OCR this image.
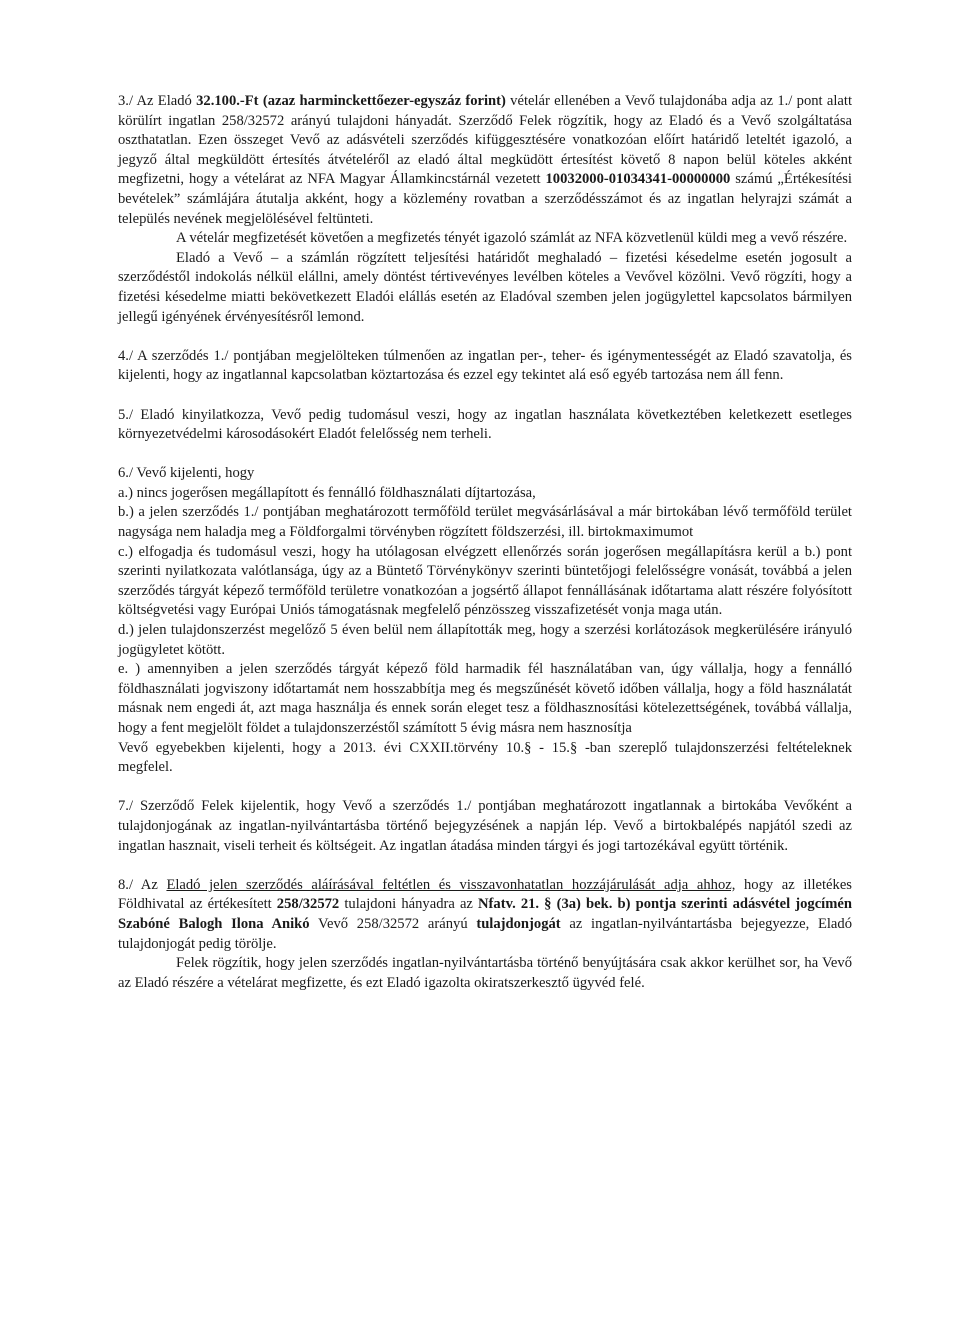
3./ Az Eladó 32.100.-Ft (azaz harminckettőezer-egyszáz forint) vételár ellenében a Vevő tulajdonába adja az 1./ pont alatt körülírt ingatlan 258/32572 arányú tulajdoni hányadát. Szerződő Felek rögzítik, hogy az Eladó és a Vevő szolgáltatása oszthatatlan. Ezen összeget Vevő az adásvételi szerződés kifüggesztésére vonatkozóan előírt határidő leteltét igazoló, a jegyző által megküldött értesítés átvételéről az eladó által megküdött értesítést követő 8 napon belül köteles akként megfizetni, hogy a vételárat az NFA Magyar Államkincstárnál vezetett 10032000-01034341-00000000 számú „Értékesítési bevételek” számlájára átutalja akként, hogy a közlemény rovatban a szerződésszámot és az ingatlan helyrajzi számát a település nevének megjelölésével feltünteti.

A vételár megfizetését követően a megfizetés tényét igazoló számlát az NFA közvetlenül küldi meg a vevő részére.

Eladó a Vevő – a számlán rögzített teljesítési határidőt meghaladó – fizetési késedelme esetén jogosult a szerződéstől indokolás nélkül elállni, amely döntést tértivevényes levélben köteles a Vevővel közölni. Vevő rögzíti, hogy a fizetési késedelme miatti bekövetkezett Eladói elállás esetén az Eladóval szemben jelen jogügylettel kapcsolatos bármilyen jellegű igényének érvényesítésről lemond.

4./ A szerződés 1./ pontjában megjelölteken túlmenően az ingatlan per-, teher- és igénymentességét az Eladó szavatolja, és kijelenti, hogy az ingatlannal kapcsolatban köztartozása és ezzel egy tekintet alá eső egyéb tartozása nem áll fenn.

5./ Eladó kinyilatkozza, Vevő pedig tudomásul veszi, hogy az ingatlan használata következtében keletkezett esetleges környezetvédelmi károsodásokért Eladót felelősség nem terheli.

6./ Vevő kijelenti, hogy

a.) nincs jogerősen megállapított és fennálló földhasználati díjtartozása,

b.) a jelen szerződés 1./ pontjában meghatározott termőföld terület megvásárlásával a már birtokában lévő termőföld terület nagysága nem haladja meg a Földforgalmi törvényben rögzített földszerzési, ill. birtokmaximumot

c.) elfogadja és tudomásul veszi, hogy ha utólagosan elvégzett ellenőrzés során jogerősen megállapításra kerül a b.) pont szerinti nyilatkozata valótlansága, úgy az a Büntető Törvénykönyv szerinti büntetőjogi felelősségre vonását, továbbá a jelen szerződés tárgyát képező termőföld területre vonatkozóan a jogsértő állapot fennállásának időtartama alatt részére folyósított költségvetési vagy Európai Uniós támogatásnak megfelelő pénzösszeg visszafizetését vonja maga után.

d.) jelen tulajdonszerzést megelőző 5 éven belül nem állapították meg, hogy a szerzési korlátozások megkerülésére irányuló jogügyletet kötött.

e. ) amennyiben a jelen szerződés tárgyát képező föld harmadik fél használatában van, úgy vállalja, hogy a fennálló földhasználati jogviszony időtartamát nem hosszabbítja meg és megszűnését követő időben vállalja, hogy a föld használatát másnak nem engedi át, azt maga használja és ennek során eleget tesz a földhasznosítási kötelezettségének, továbbá vállalja, hogy a fent megjelölt földet a tulajdonszerzéstől számított 5 évig másra nem hasznosítja

Vevő egyebekben kijelenti, hogy a 2013. évi CXXII.törvény 10.§ - 15.§ -ban szereplő tulajdonszerzési feltételeknek megfelel.

7./ Szerződő Felek kijelentik, hogy Vevő a szerződés 1./ pontjában meghatározott ingatlannak a birtokába Vevőként a tulajdonjogának az ingatlan-nyilvántartásba történő bejegyzésének a napján lép. Vevő a birtokbalépés napjától szedi az ingatlan hasznait, viseli terheit és költségeit. Az ingatlan átadása minden tárgyi és jogi tartozékával együtt történik.

8./ Az Eladó jelen szerződés aláírásával feltétlen és visszavonhatatlan hozzájárulását adja ahhoz, hogy az illetékes Földhivatal az értékesített 258/32572 tulajdoni hányadra az Nfatv. 21. § (3a) bek. b) pontja szerinti adásvétel jogcímén Szabóné Balogh Ilona Anikó Vevő 258/32572 arányú tulajdonjogát az ingatlan-nyilvántartásba bejegyezze, Eladó tulajdonjogát pedig törölje.

Felek rögzítik, hogy jelen szerződés ingatlan-nyilvántartásba történő benyújtására csak akkor kerülhet sor, ha Vevő az Eladó részére a vételárat megfizette, és ezt Eladó igazolta okiratszerkesztő ügyvéd felé.
